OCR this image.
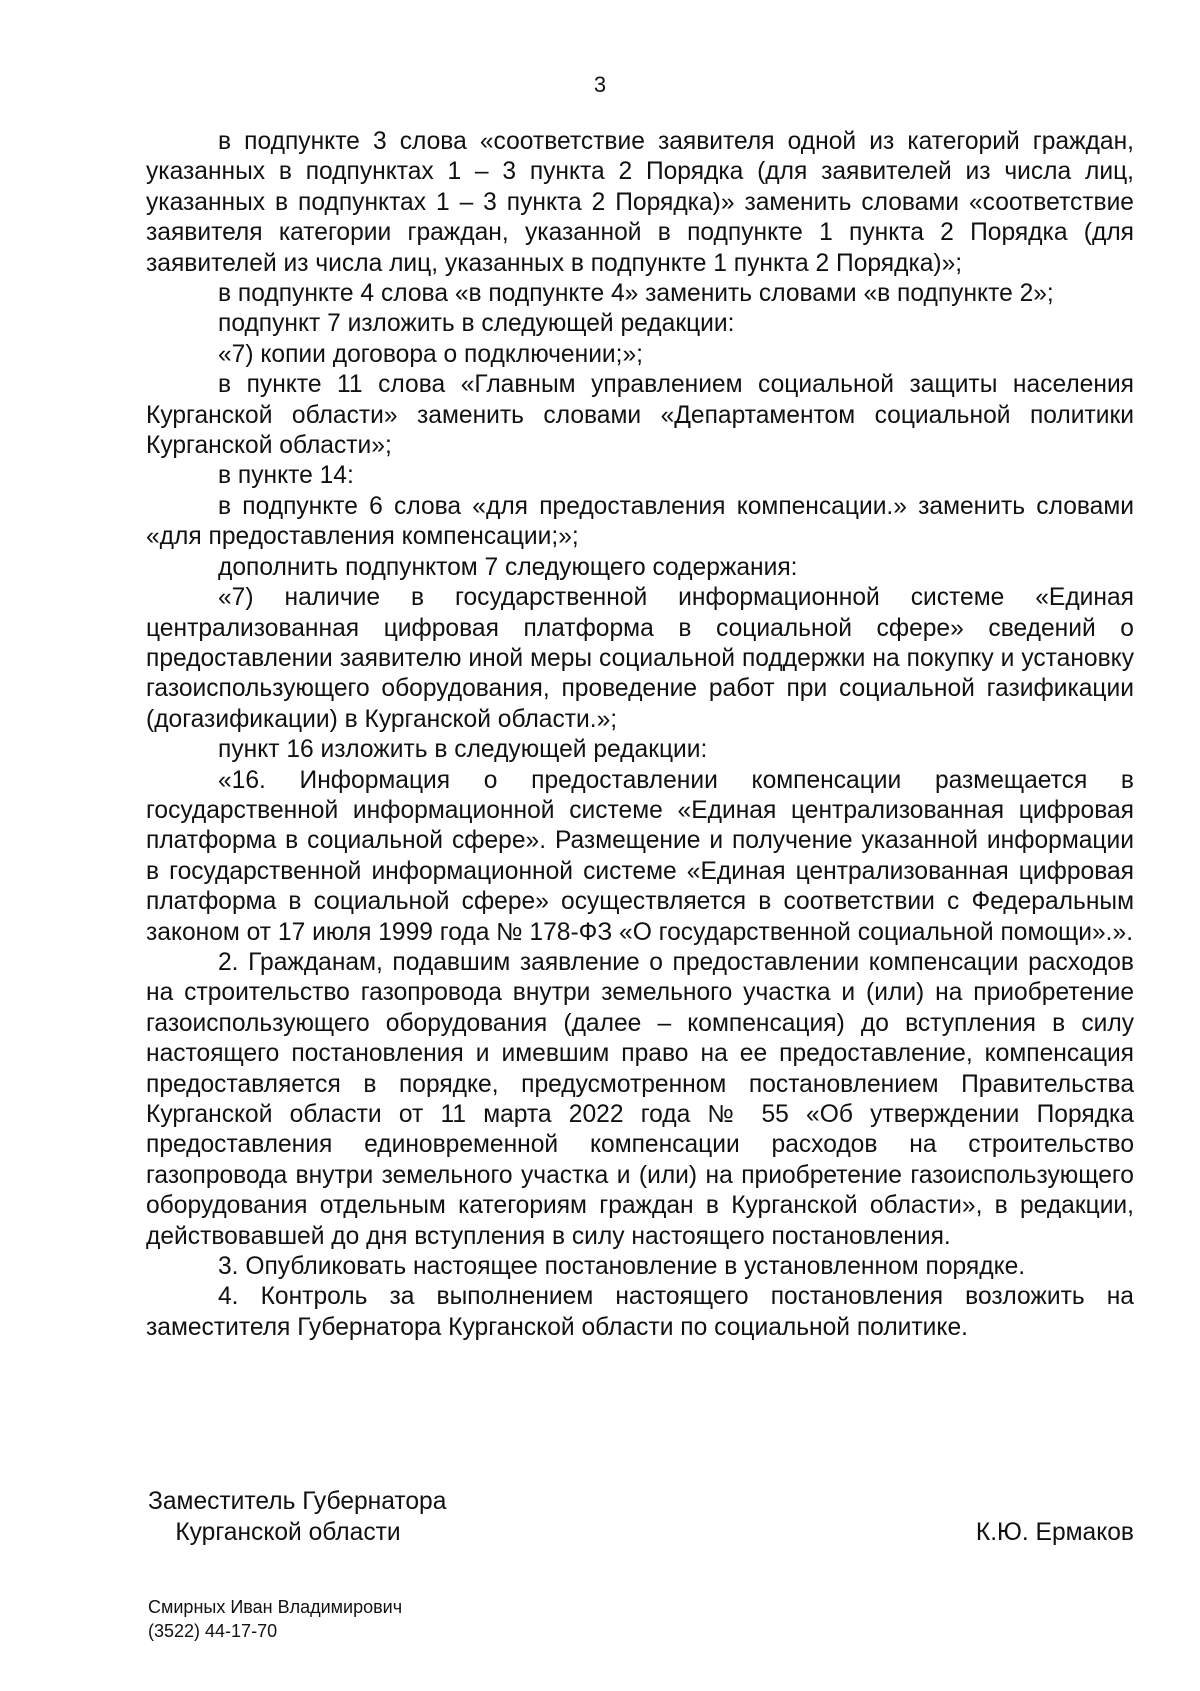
3

в подпункте 3 слова «соответствие заявителя одной из категорий граждан, указанных в подпунктах 1 – 3 пункта 2 Порядка (для заявителей из числа лиц, указанных в подпунктах 1 – 3 пункта 2 Порядка)» заменить словами «соответствие заявителя категории граждан, указанной в подпункте 1 пункта 2 Порядка (для заявителей из числа лиц, указанных в подпункте 1 пункта 2 Порядка)»;

в подпункте 4 слова «в подпункте 4» заменить словами «в подпункте 2»;

подпункт 7 изложить в следующей редакции:

«7) копии договора о подключении;»;

в пункте 11 слова «Главным управлением социальной защиты населения Курганской области» заменить словами «Департаментом социальной политики Курганской области»;

в пункте 14:

в подпункте 6 слова «для предоставления компенсации.» заменить словами «для предоставления компенсации;»;

дополнить подпунктом 7 следующего содержания:

«7) наличие в государственной информационной системе «Единая централизованная цифровая платформа в социальной сфере» сведений о предоставлении заявителю иной меры социальной поддержки на покупку и установку газоиспользующего оборудования, проведение работ при социальной газификации (догазификации) в Курганской области.»;

пункт 16 изложить в следующей редакции:

«16. Информация о предоставлении компенсации размещается в государственной информационной системе «Единая централизованная цифровая платформа в социальной сфере». Размещение и получение указанной информации в государственной информационной системе «Единая централизованная цифровая платформа в социальной сфере» осуществляется в соответствии с Федеральным законом от 17 июля 1999 года № 178-ФЗ «О государственной социальной помощи».».

2. Гражданам, подавшим заявление о предоставлении компенсации расходов на строительство газопровода внутри земельного участка и (или) на приобретение газоиспользующего оборудования (далее – компенсация) до вступления в силу настоящего постановления и имевшим право на ее предоставление, компенсация предоставляется в порядке, предусмотренном постановлением Правительства Курганской области от 11 марта 2022 года № 55 «Об утверждении Порядка предоставления единовременной компенсации расходов на строительство газопровода внутри земельного участка и (или) на приобретение газоиспользующего оборудования отдельным категориям граждан в Курганской области», в редакции, действовавшей до дня вступления в силу настоящего постановления.

3. Опубликовать настоящее постановление в установленном порядке.

4. Контроль за выполнением настоящего постановления возложить на заместителя Губернатора Курганской области по социальной политике.

Заместитель Губернатора
Курганской области	К.Ю. Ермаков
Смирных Иван Владимирович
(3522) 44-17-70
